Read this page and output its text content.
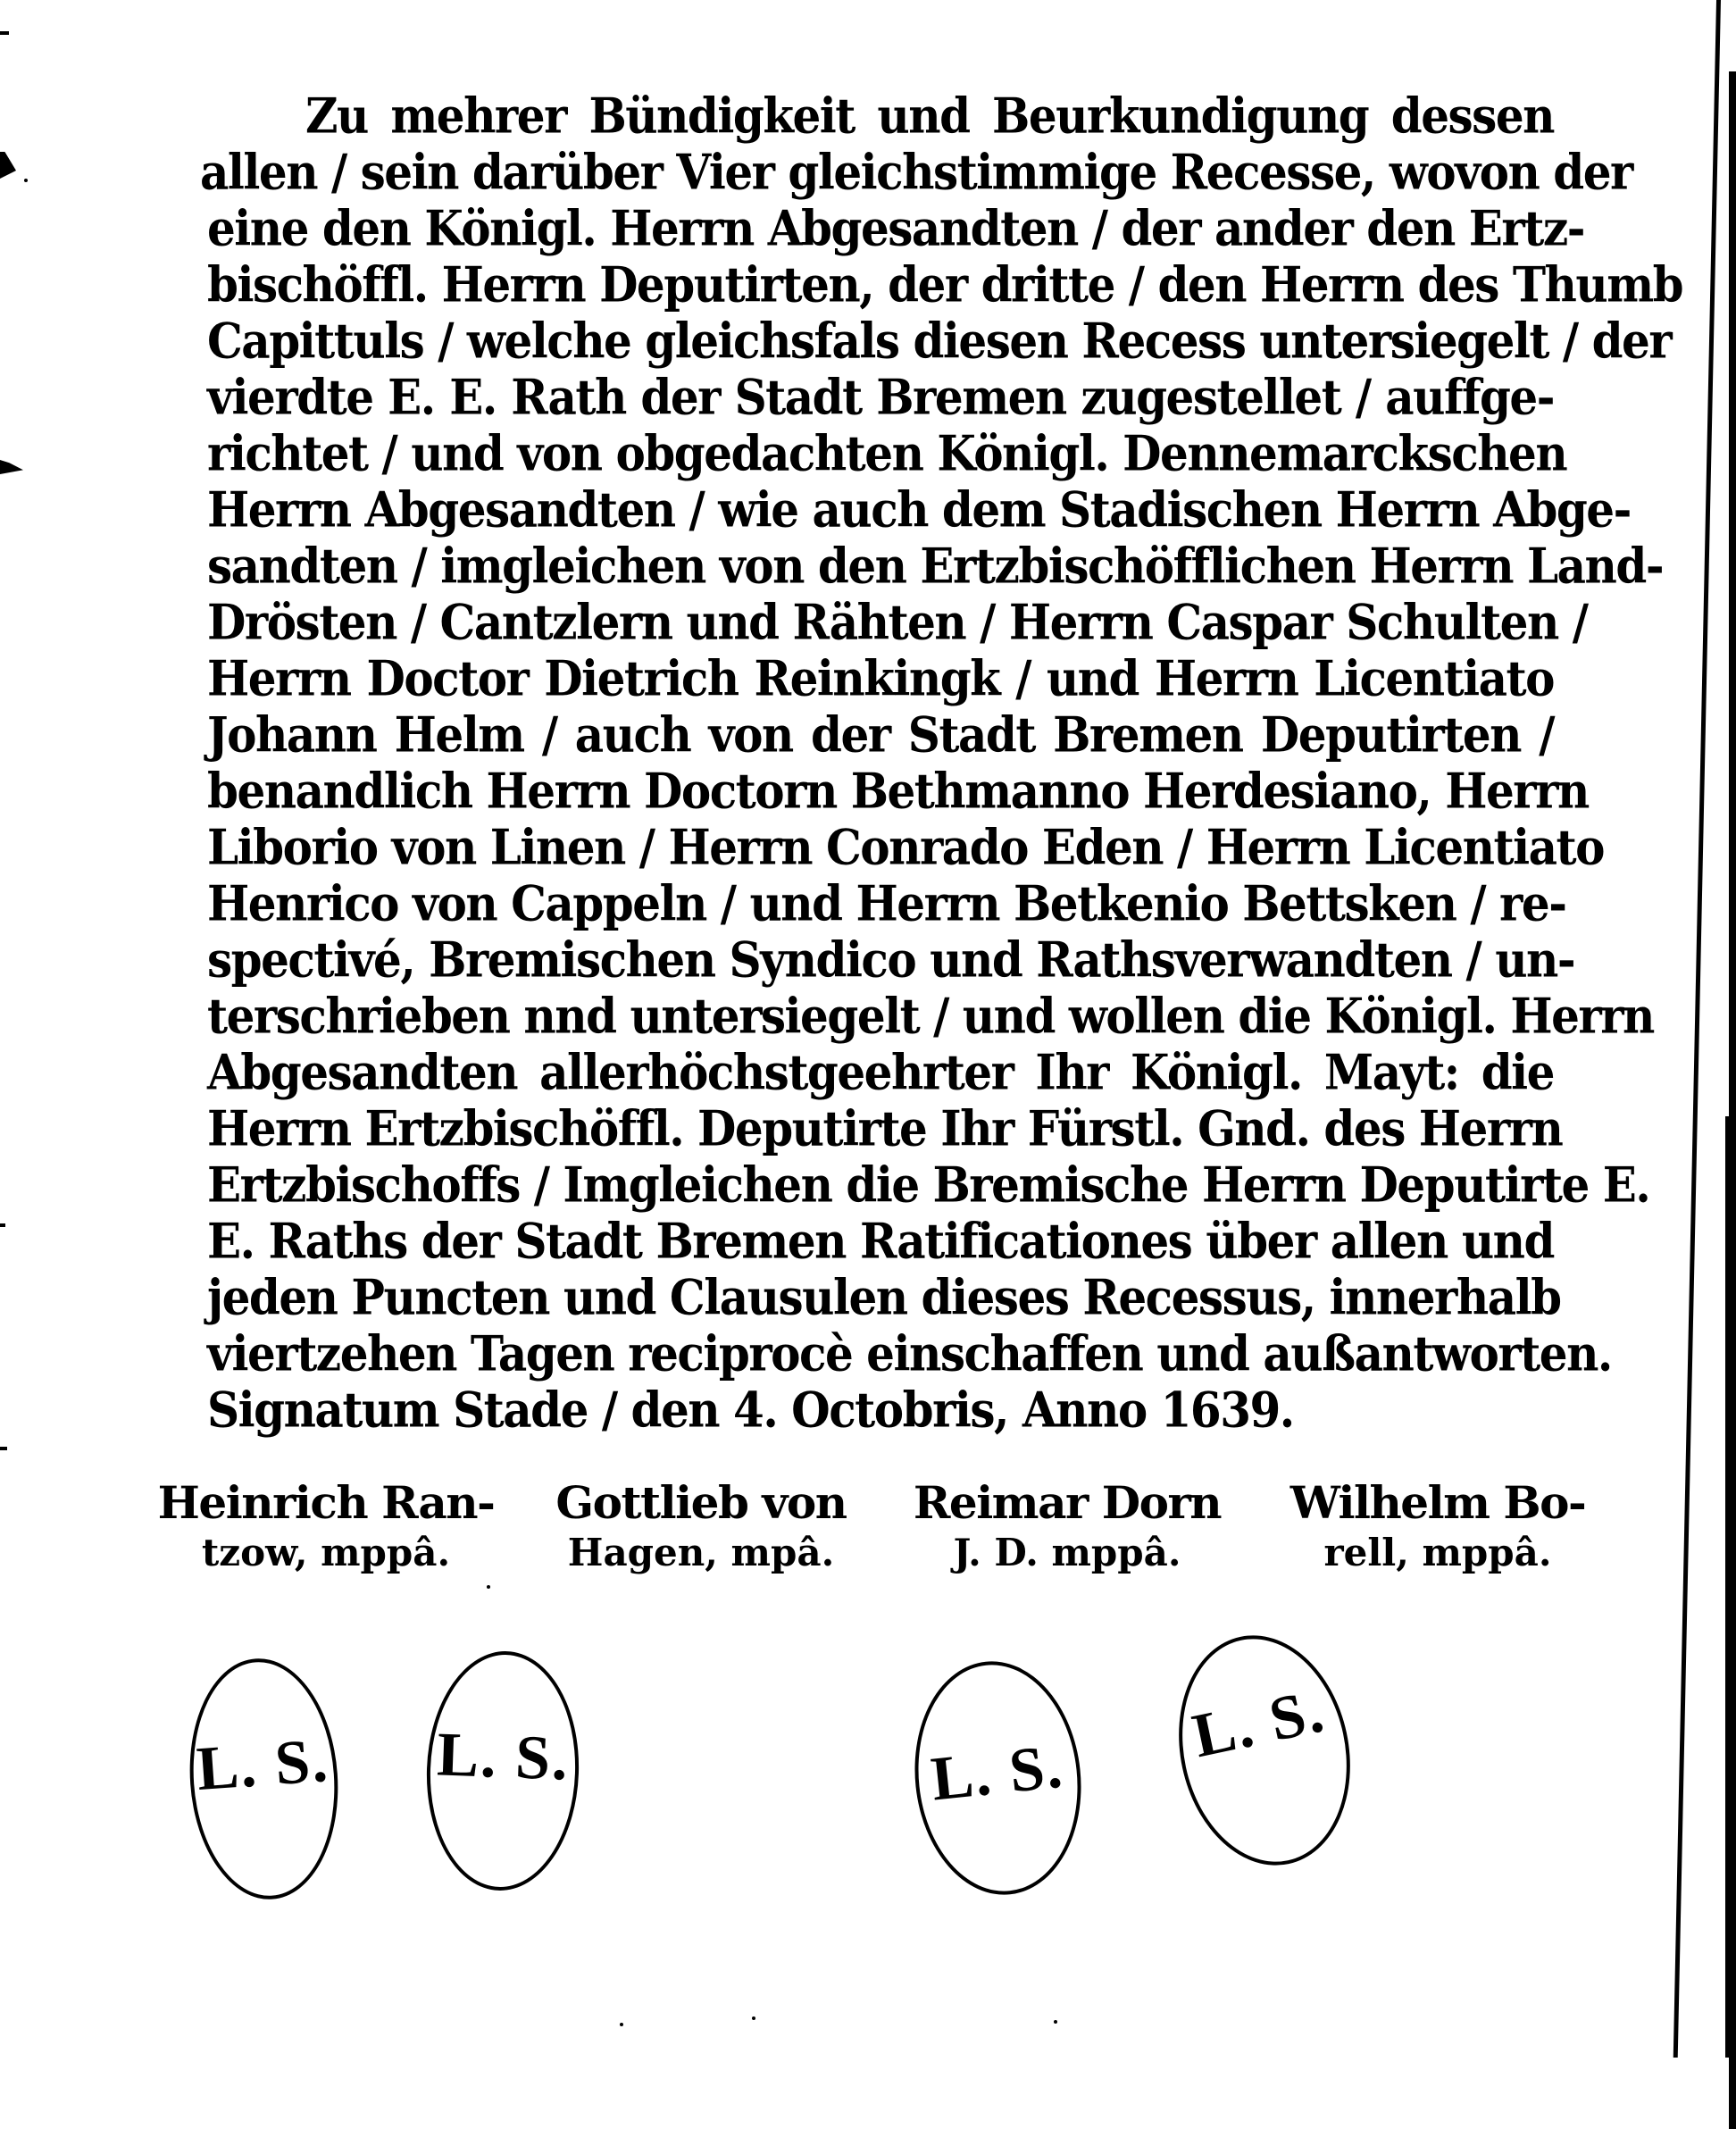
Zu mehrer Bündigkeit und Beurkundigung dessen
allen / sein darüber Vier gleichstimmige Recesse, wovon der
eine den Königl. Herrn Abgesandten / der ander den Ertz-
bischöffl. Herrn Deputirten, der dritte / den Herrn des Thumb
Capittuls / welche gleichsfals diesen Recess untersiegelt / der
vierdte E. E. Rath der Stadt Bremen zugestellet / auffge-
richtet / und von obgedachten Königl. Dennemarckschen
Herrn Abgesandten / wie auch dem Stadischen Herrn Abge-
sandten / imgleichen von den Ertzbischöfflichen Herrn Land-
Drösten / Cantzlern und Rähten / Herrn Caspar Schulten /
Herrn Doctor Dietrich Reinkingk / und Herrn Licentiato
Johann Helm / auch von der Stadt Bremen Deputirten /
benandlich Herrn Doctorn Bethmanno Herdesiano, Herrn
Liborio von Linen / Herrn Conrado Eden / Herrn Licentiato
Henrico von Cappeln / und Herrn Betkenio Bettsken / re-
spectivé, Bremischen Syndico und Rathsverwandten / un-
terschrieben nnd untersiegelt / und wollen die Königl. Herrn
Abgesandten allerhöchstgeehrter Ihr Königl. Mayt: die
Herrn Ertzbischöffl. Deputirte Ihr Fürstl. Gnd. des Herrn
Ertzbischoffs / Imgleichen die Bremische Herrn Deputirte E.
E. Raths der Stadt Bremen Ratificationes über allen und
jeden Puncten und Clausulen dieses Recessus, innerhalb
viertzehen Tagen reciprocè einschaffen und außantworten.
Signatum Stade / den 4. Octobris, Anno 1639.
Heinrich Ran-
tzow, mppâ.
Gottlieb von
Hagen, mpâ.
Reimar Dorn
J. D. mppâ.
Wilhelm Bo-
rell, mppâ.
L. S. L. S.	L. S.
L. S.
